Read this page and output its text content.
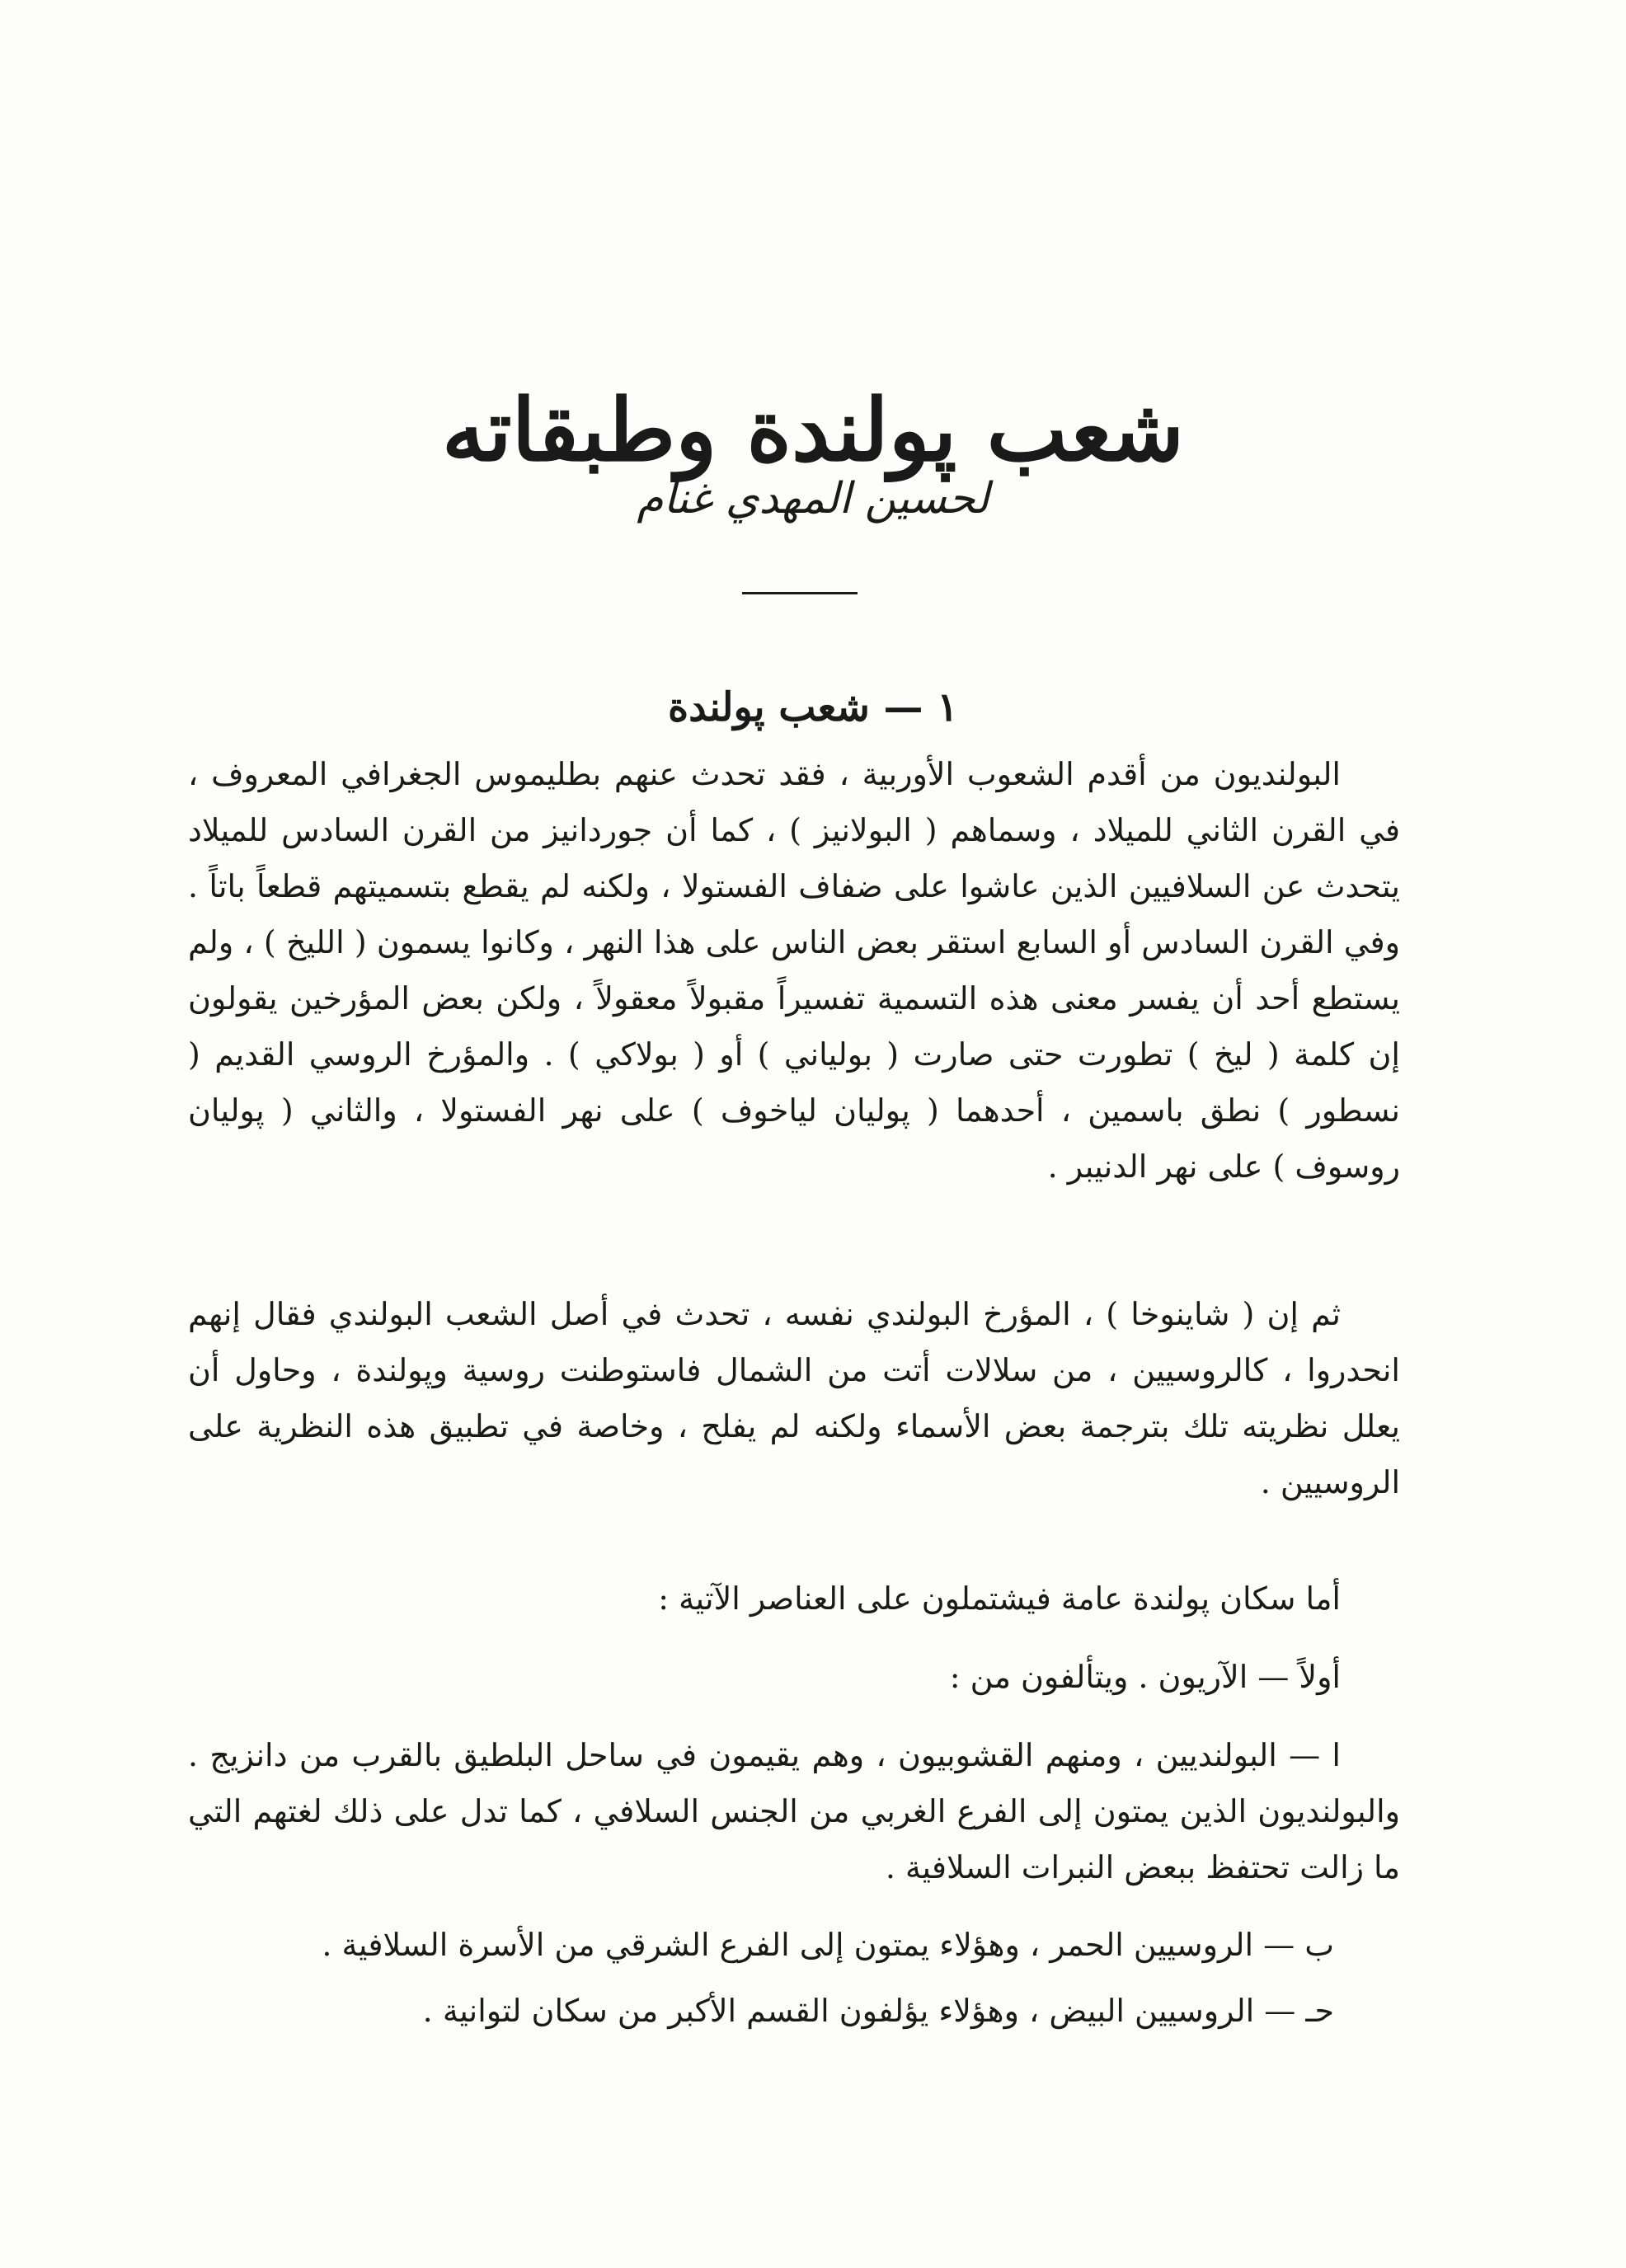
شعب پولندة وطبقاته
لحسين المهدي غنام
١ — شعب پولندة

البولنديون من أقدم الشعوب الأوربية ، فقد تحدث عنهم بطليموس الجغرافي المعروف ، في القرن الثاني للميلاد ، وسماهم ( البولانيز ) ، كما أن جوردانيز من القرن السادس للميلاد يتحدث عن السلافيين الذين عاشوا على ضفاف الفستولا ، ولكنه لم يقطع بتسميتهم قطعاً باتاً . وفي القرن السادس أو السابع استقر بعض الناس على هذا النهر ، وكانوا يسمون ( الليخ ) ، ولم يستطع أحد أن يفسر معنى هذه التسمية تفسيراً مقبولاً معقولاً ، ولكن بعض المؤرخين يقولون إن كلمة ( ليخ ) تطورت حتى صارت ( بولياني ) أو ( بولاكي ) . والمؤرخ الروسي القديم ( نسطور ) نطق باسمين ، أحدهما ( پوليان لياخوف ) على نهر الفستولا ، والثاني ( پوليان روسوف ) على نهر الدنيبر .

ثم إن ( شاينوخا ) ، المؤرخ البولندي نفسه ، تحدث في أصل الشعب البولندي فقال إنهم انحدروا ، كالروسيين ، من سلالات أتت من الشمال فاستوطنت روسية وپولندة ، وحاول أن يعلل نظريته تلك بترجمة بعض الأسماء ولكنه لم يفلح ، وخاصة في تطبيق هذه النظرية على الروسيين .

أما سكان پولندة عامة فيشتملون على العناصر الآتية :

أولاً — الآريون . ويتألفون من :

ا — البولنديين ، ومنهم القشوبيون ، وهم يقيمون في ساحل البلطيق بالقرب من دانزيج . والبولنديون الذين يمتون إلى الفرع الغربي من الجنس السلافي ، كما تدل على ذلك لغتهم التي ما زالت تحتفظ ببعض النبرات السلافية .

ب — الروسيين الحمر ، وهؤلاء يمتون إلى الفرع الشرقي من الأسرة السلافية .

حـ — الروسيين البيض ، وهؤلاء يؤلفون القسم الأكبر من سكان لتوانية .
